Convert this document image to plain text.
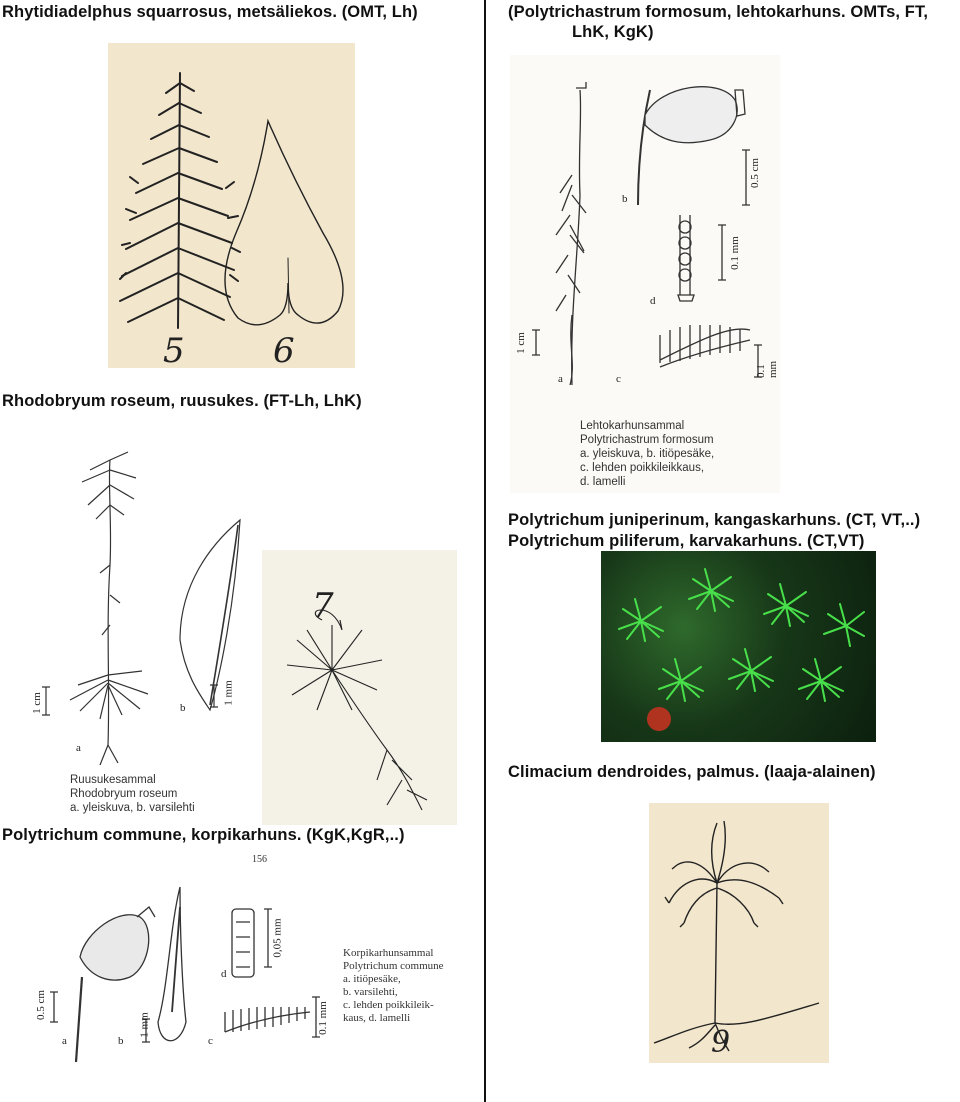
Rhytidiadelphus squarrosus, metsäliekos. (OMT, Lh)	(Polytrichastrum formosum, lehtokarhuns. OMTs, FT,
LhK, KgK)
Rhodobryum roseum, ruusukes. (FT-Lh, LhK)
Polytrichum juniperinum, kangaskarhuns. (CT, VT,..)
Polytrichum piliferum, karvakarhuns. (CT,VT)
Climacium dendroides, palmus. (laaja-alainen)
Polytrichum commune, korpikarhuns. (KgK,KgR,..)
5	6
a
b
c
d
1 cm
0.5 cm
0.1 mm
0.1 mm
Lehtokarhunsammal
Polytrichastrum formosum
a. yleiskuva, b. itiöpesäke,
c. lehden poikkileikkaus,
d. lamelli
a
b
1 cm	1 mm
Ruusukesammal
Rhodobryum roseum
a. yleiskuva, b. varsilehti
7
156
a	b	c
d
0.5 cm
1 mm
0,05 mm
0.1 mm
Korpikarhunsammal
Polytrichum commune
a. itiöpesäke,
b. varsilehti,
c. lehden poikkileik-
kaus, d. lamelli
9
